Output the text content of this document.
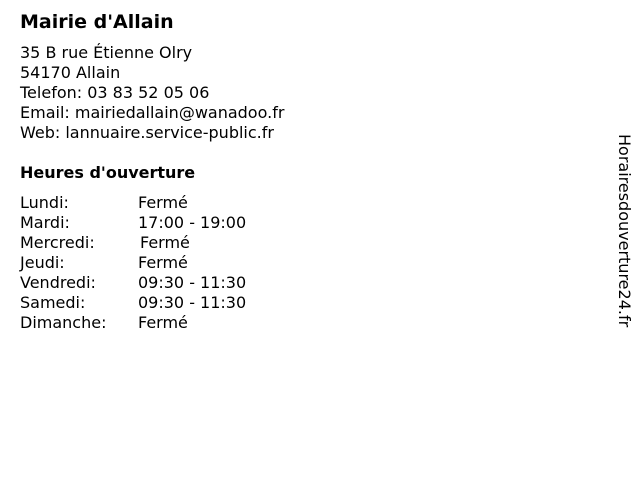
Mairie d'Allain
35 B rue Étienne Olry
54170 Allain
Telefon: 03 83 52 05 06
Email: mairiedallain@wanadoo.fr
Web: lannuaire.service-public.fr
Heures d'ouverture
Lundi:	Fermé
Mardi:	17:00 - 19:00
Mercredi:	Fermé
Jeudi:	Fermé
Vendredi:	09:30 - 11:30
Samedi:	09:30 - 11:30
Dimanche: Fermé	Horairesdouverture24.fr
